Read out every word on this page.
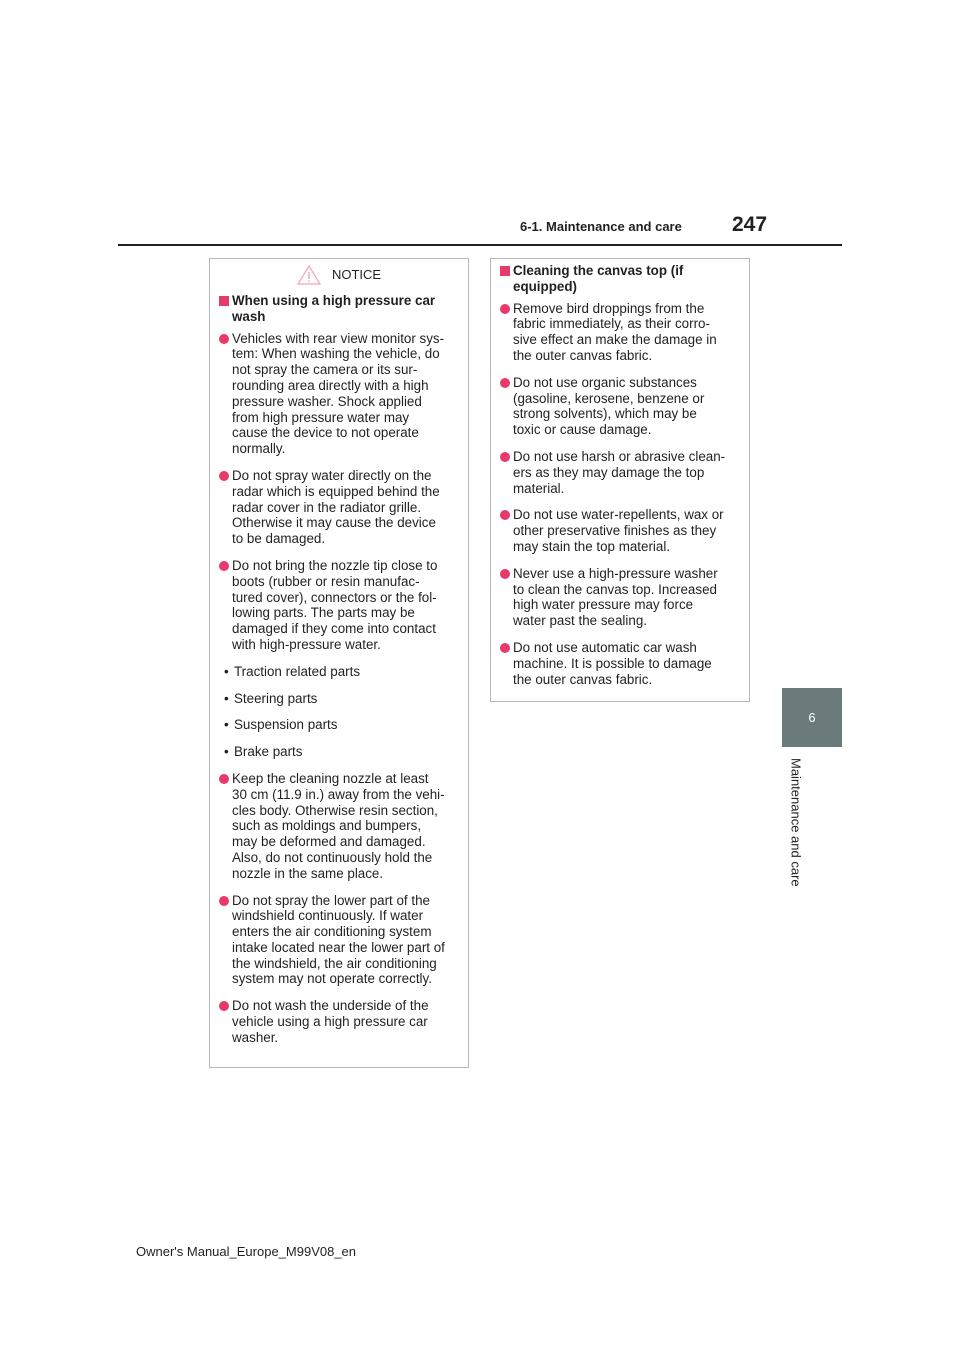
6-1. Maintenance and care 247
6
Maintenance and care
NOTICE
When using a high pressure car
wash
Vehicles with rear view monitor sys-
tem: When washing the vehicle, do
not spray the camera or its sur-
rounding area directly with a high
pressure washer. Shock applied
from high pressure water may
cause the device to not operate
normally.
Do not spray water directly on the
radar which is equipped behind the
radar cover in the radiator grille.
Otherwise it may cause the device
to be damaged.
Do not bring the nozzle tip close to
boots (rubber or resin manufac-
tured cover), connectors or the fol-
lowing parts. The parts may be
damaged if they come into contact
with high-pressure water.
• Traction related parts
• Steering parts
• Suspension parts
• Brake parts
Keep the cleaning nozzle at least
30 cm (11.9 in.) away from the vehi-
cles body. Otherwise resin section,
such as moldings and bumpers,
may be deformed and damaged.
Also, do not continuously hold the
nozzle in the same place.
Do not spray the lower part of the
windshield continuously. If water
enters the air conditioning system
intake located near the lower part of
the windshield, the air conditioning
system may not operate correctly.
Do not wash the underside of the
vehicle using a high pressure car
washer.
Cleaning the canvas top (if
equipped)
Remove bird droppings from the
fabric immediately, as their corro-
sive effect an make the damage in
the outer canvas fabric.
Do not use organic substances
(gasoline, kerosene, benzene or
strong solvents), which may be
toxic or cause damage.
Do not use harsh or abrasive clean-
ers as they may damage the top
material.
Do not use water-repellents, wax or
other preservative finishes as they
may stain the top material.
Never use a high-pressure washer
to clean the canvas top. Increased
high water pressure may force
water past the sealing.
Do not use automatic car wash
machine. It is possible to damage
the outer canvas fabric.
Owner's Manual_Europe_M99V08_en
